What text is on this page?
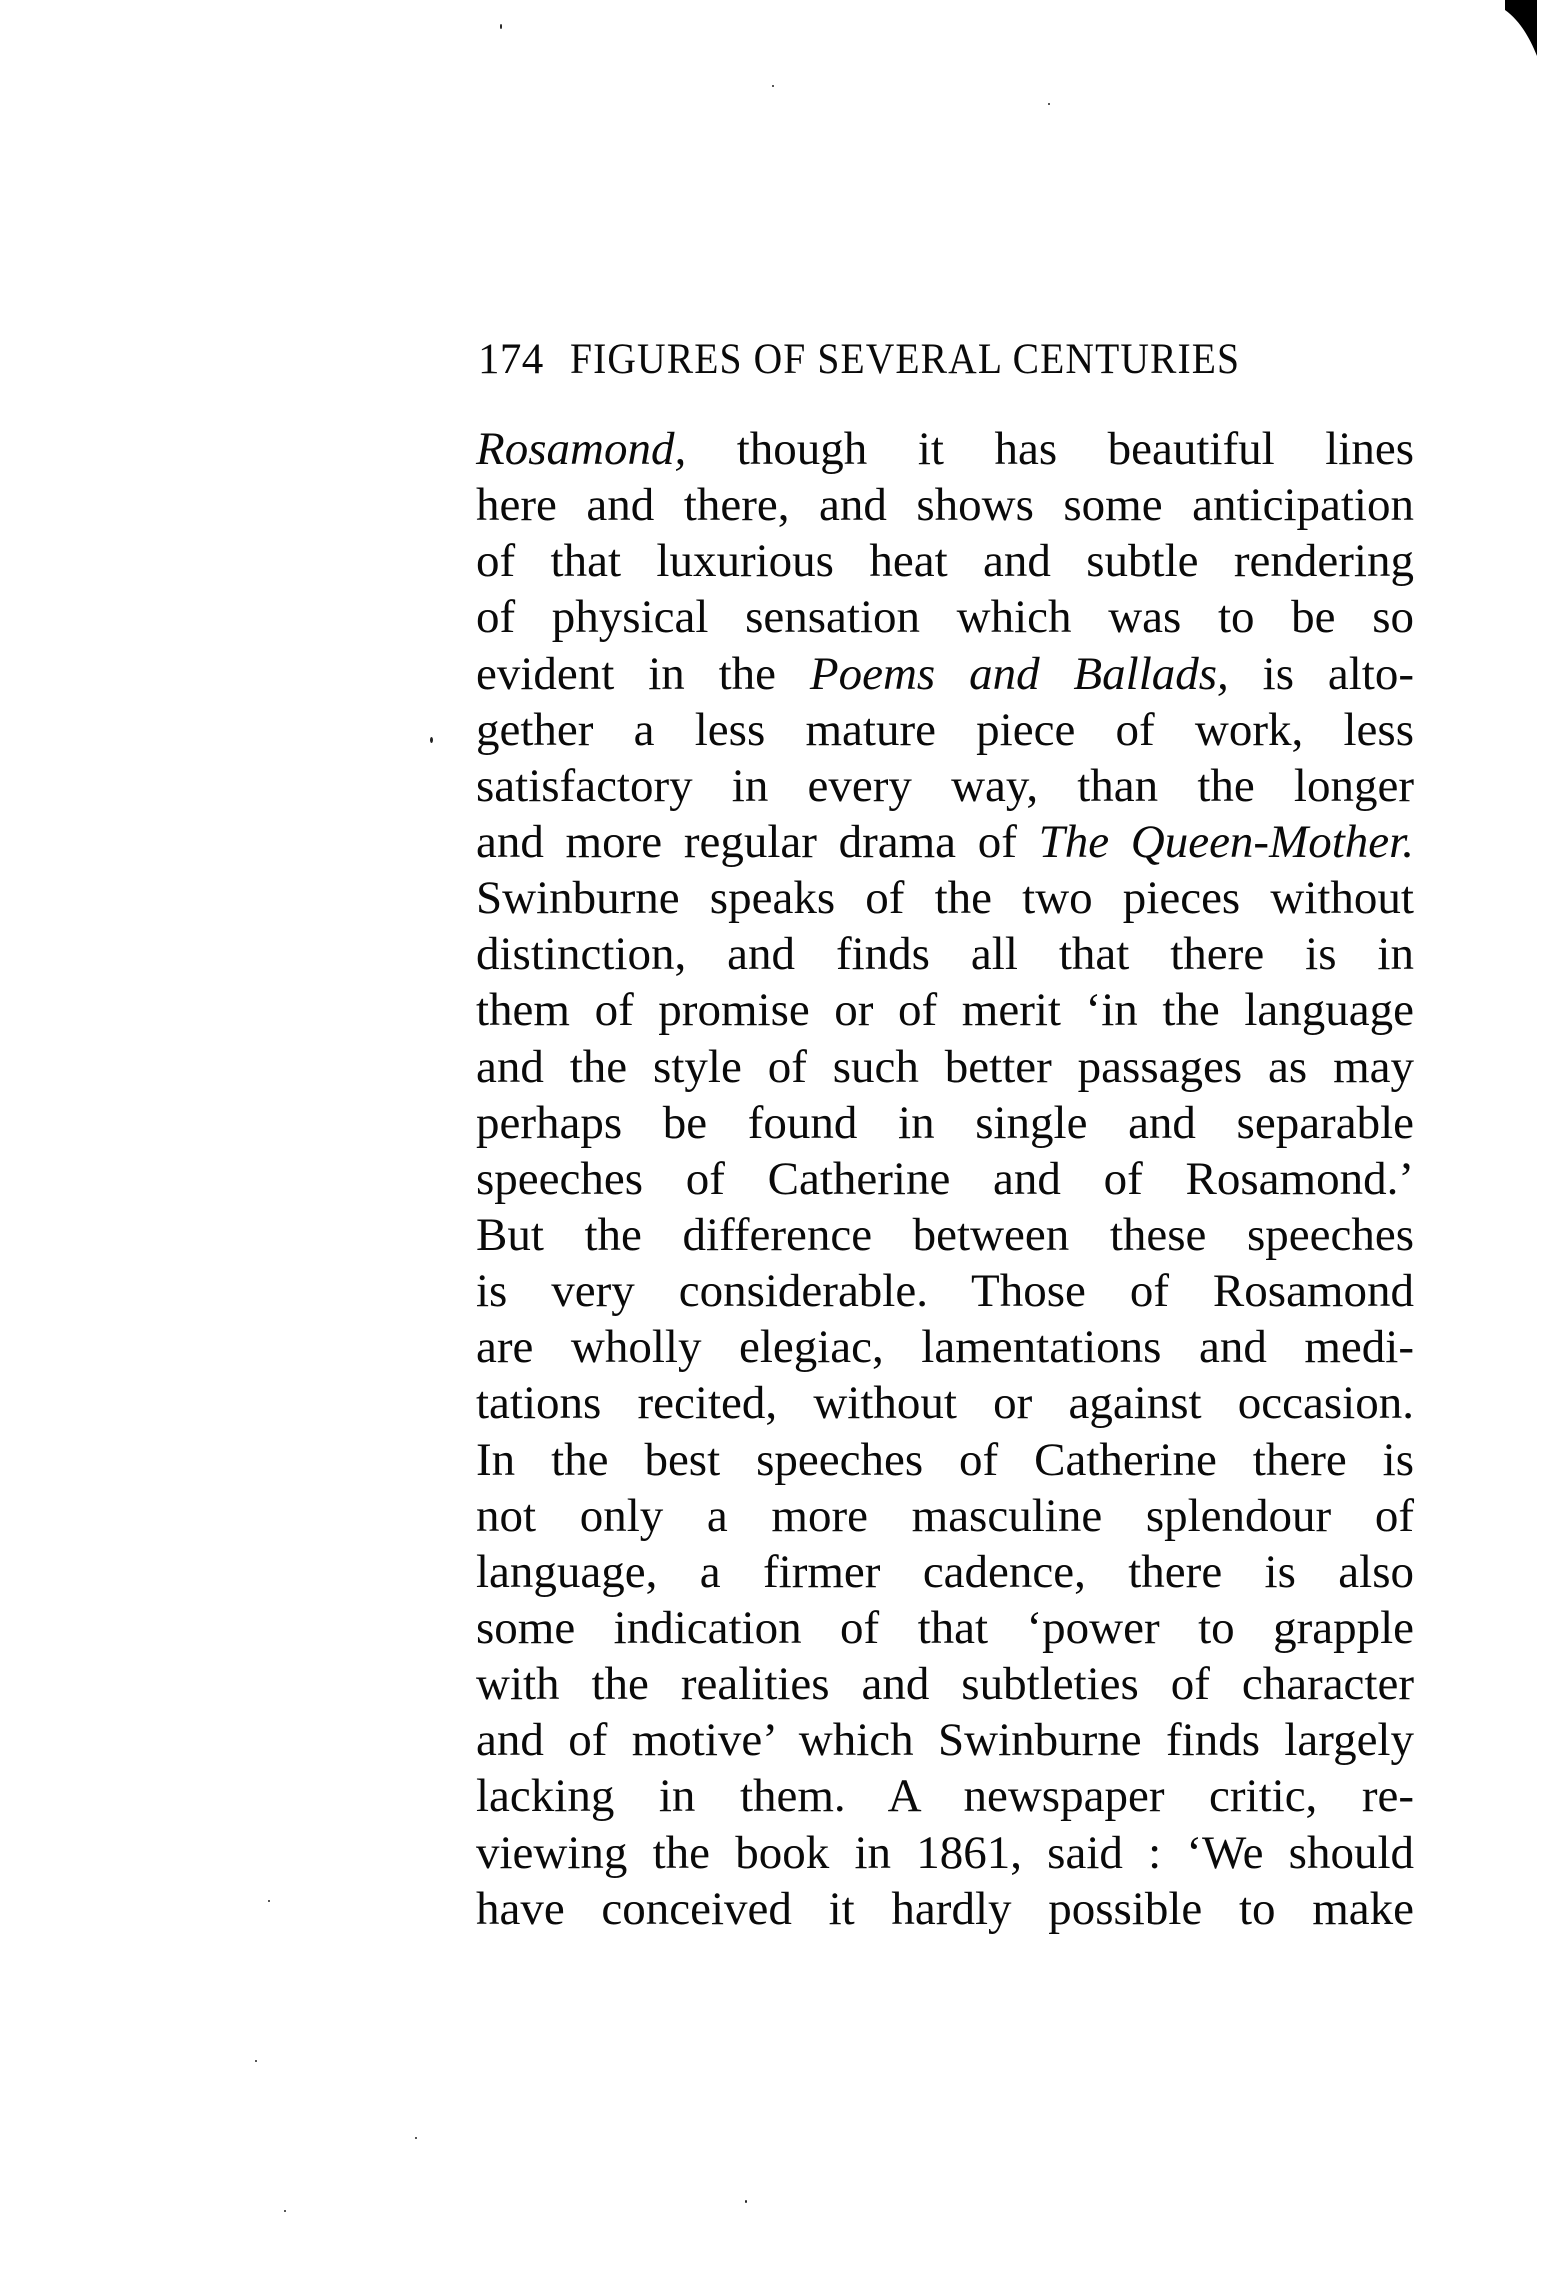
174 FIGURES OF SEVERAL CENTURIES
Rosamond, though it has beautiful lines
here and there, and shows some anticipation
of that luxurious heat and subtle rendering
of physical sensation which was to be so
evident in the Poems and Ballads, is alto-
gether a less mature piece of work, less
satisfactory in every way, than the longer
and more regular drama of The Queen-Mother.
Swinburne speaks of the two pieces without
distinction, and finds all that there is in
them of promise or of merit ‘in the language
and the style of such better passages as may
perhaps be found in single and separable
speeches of Catherine and of Rosamond.’
But the difference between these speeches
is very considerable. Those of Rosamond
are wholly elegiac, lamentations and medi-
tations recited, without or against occasion.
In the best speeches of Catherine there is
not only a more masculine splendour of
language, a firmer cadence, there is also
some indication of that ‘power to grapple
with the realities and subtleties of character
and of motive’ which Swinburne finds largely
lacking in them. A newspaper critic, re-
viewing the book in 1861, said : ‘We should
have conceived it hardly possible to make
